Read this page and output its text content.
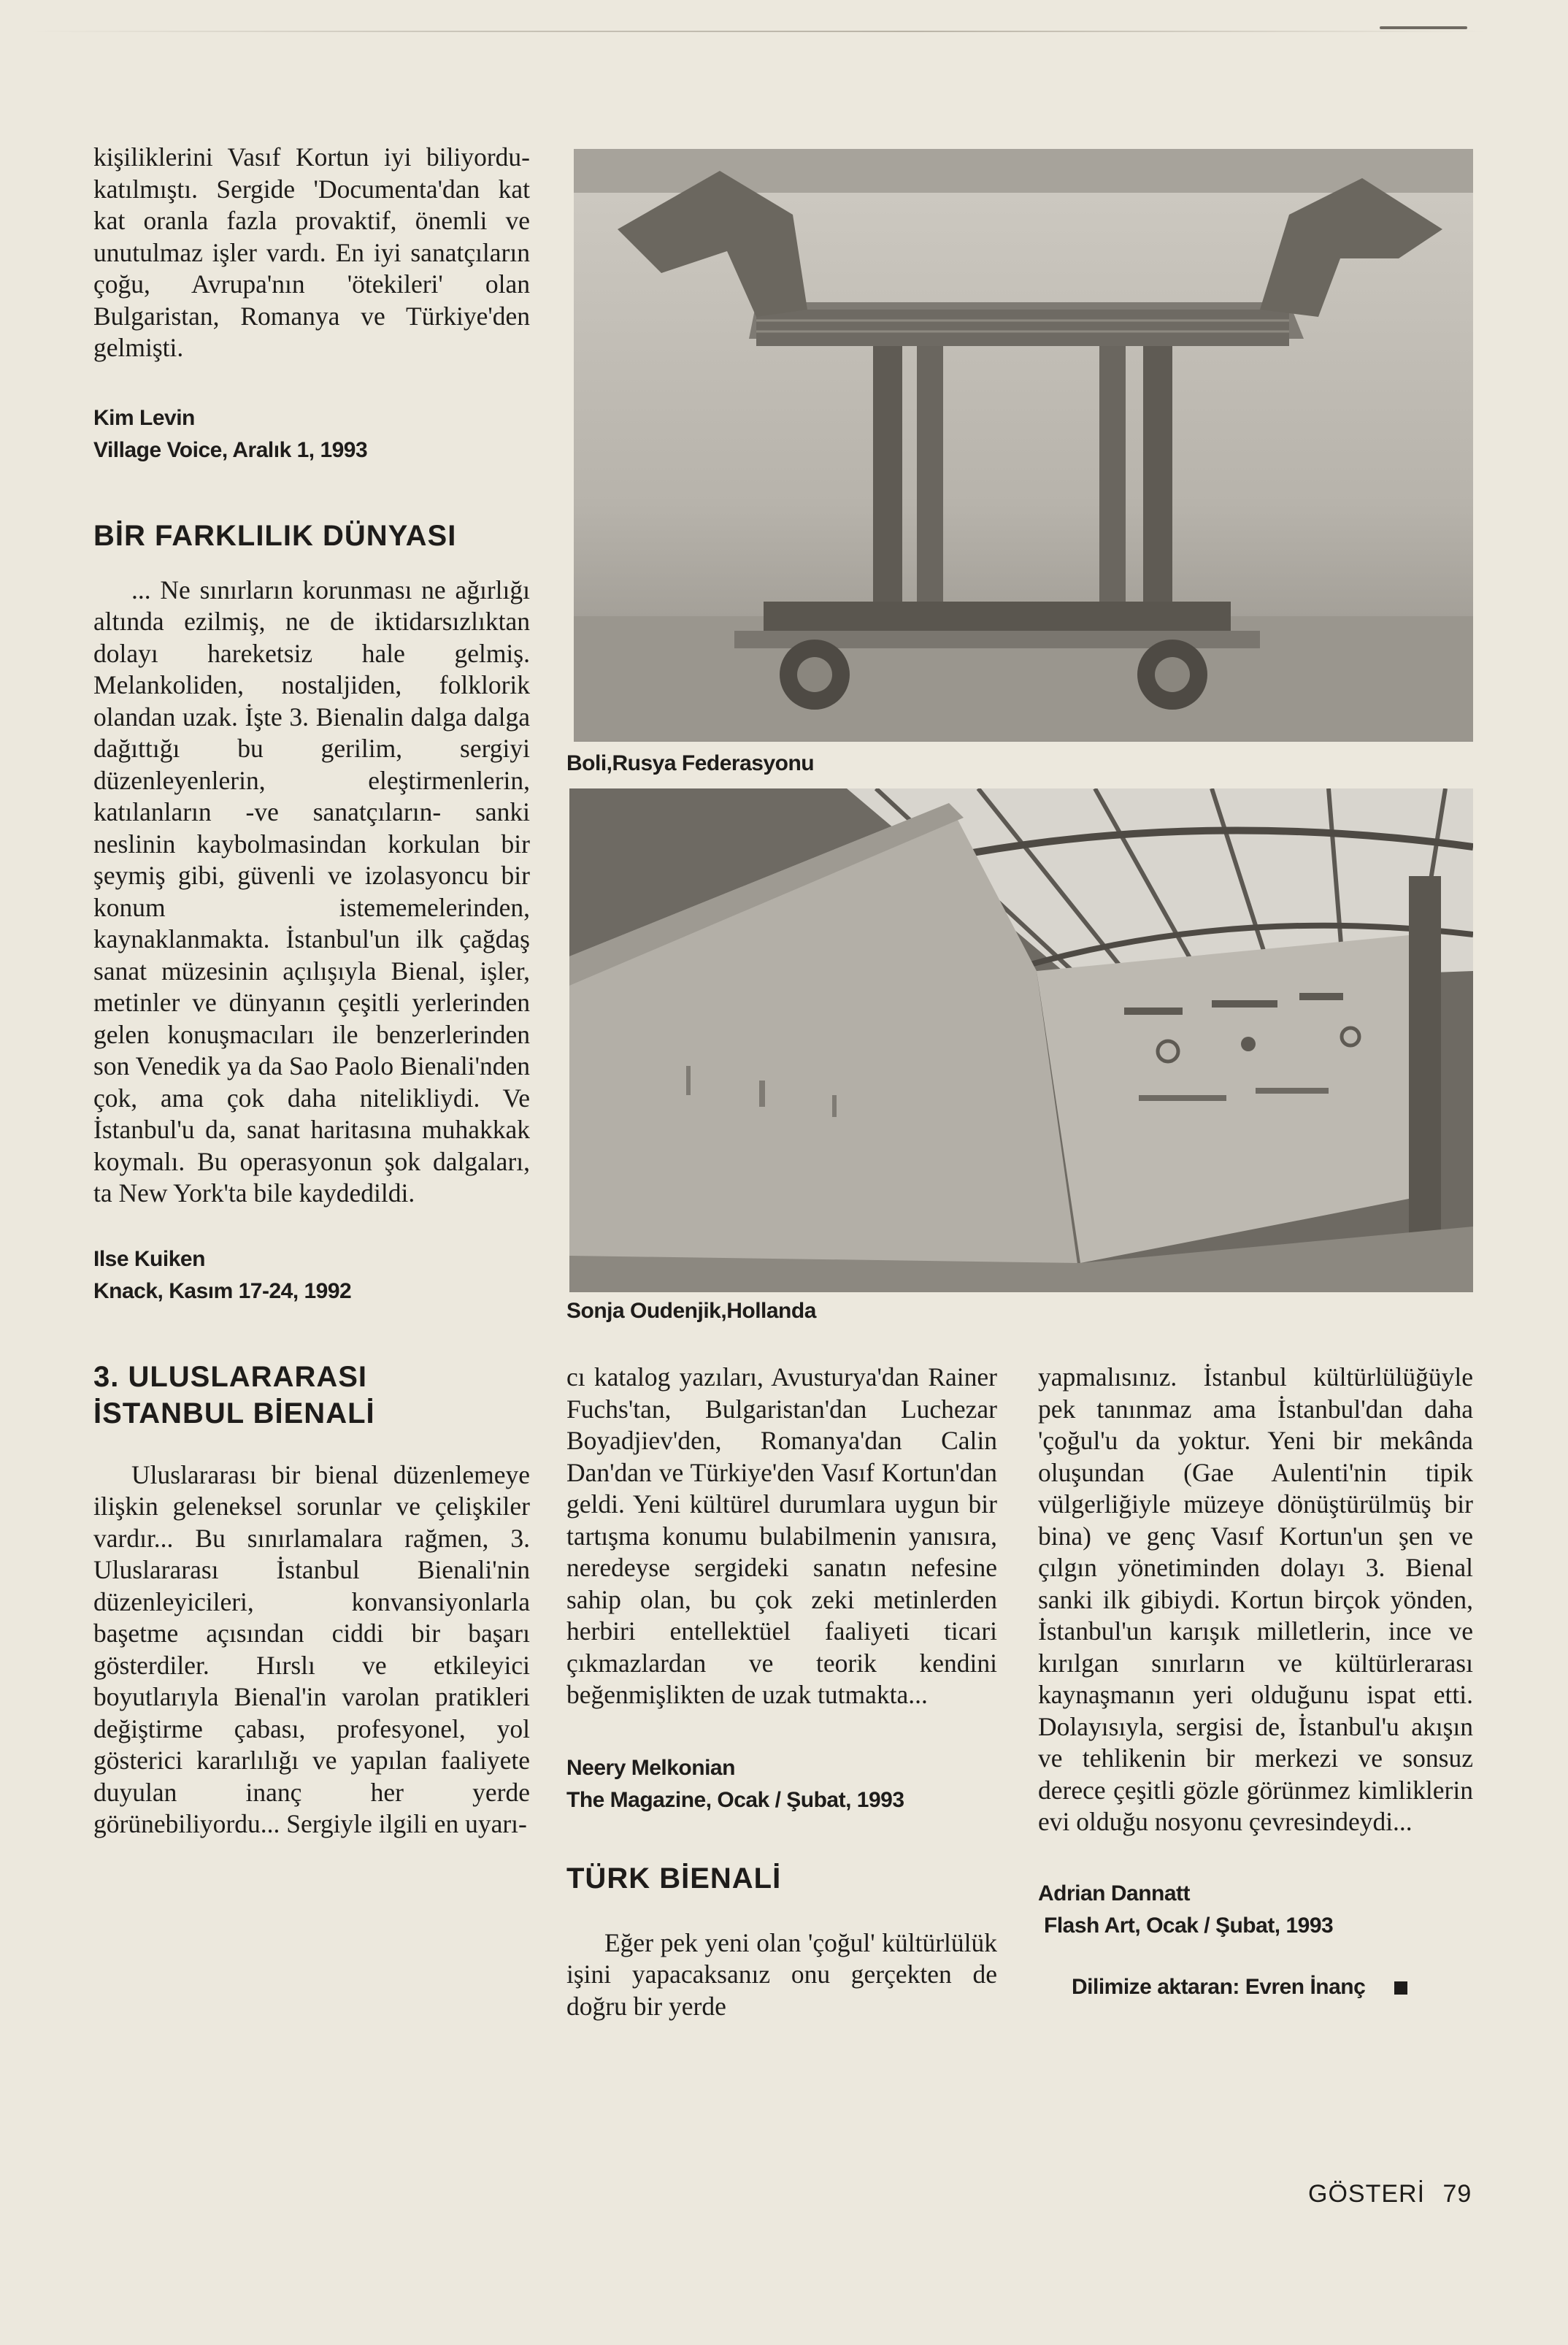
kişiliklerini Vasıf Kortun iyi biliyordu-katılmıştı. Sergide 'Documenta'dan kat kat oranla fazla provaktif, önemli ve unutulmaz işler vardı. En iyi sanatçıların çoğu, Avrupa'nın 'ötekileri' olan Bulgaristan, Romanya ve Türkiye'den gelmişti.

Kim Levin
Village Voice, Aralık 1, 1993
BİR FARKLILIK DÜNYASI

... Ne sınırların korunması ne ağırlığı altında ezilmiş, ne de iktidarsızlıktan dolayı hareketsiz hale gelmiş. Melankoliden, nostaljiden, folklorik olandan uzak. İşte 3. Bienalin dalga dalga dağıttığı bu gerilim, sergiyi düzenleyenlerin, eleştirmenlerin, katılanların -ve sanatçıların- sanki neslinin kaybolmasindan korkulan bir şeymiş gibi, güvenli ve izolasyoncu bir konum istememelerinden, kaynaklanmakta. İstanbul'un ilk çağdaş sanat müzesinin açılışıyla Bienal, işler, metinler ve dünyanın çeşitli yerlerinden gelen konuşmacıları ile benzerlerinden son Venedik ya da Sao Paolo Bienali'nden çok, ama çok daha nitelikliydi. Ve İstanbul'u da, sanat haritasına muhakkak koymalı. Bu operasyonun şok dalgaları, ta New York'ta bile kaydedildi.

Ilse Kuiken
Knack, Kasım 17-24, 1992
3. ULUSLARARASI
İSTANBUL BİENALİ

Uluslararası bir bienal düzenlemeye ilişkin geleneksel sorunlar ve çelişkiler vardır... Bu sınırlamalara rağmen, 3. Uluslararası İstanbul Bienali'nin düzenleyicileri, konvansiyonlarla başetme açısından ciddi bir başarı gösterdiler. Hırslı ve etkileyici boyutlarıyla Bienal'in varolan pratikleri değiştirme çabası, profesyonel, yol gösterici kararlılığı ve yapılan faaliyete duyulan inanç her yerde görünebiliyordu... Sergiyle ilgili en uyarı-

Boli,Rusya Federasyonu
Sonja Oudenjik,Hollanda

cı katalog yazıları, Avusturya'dan Rainer Fuchs'tan, Bulgaristan'dan Luchezar Boyadjiev'den, Romanya'dan Calin Dan'dan ve Türkiye'den Vasıf Kortun'dan geldi. Yeni kültürel durumlara uygun bir tartışma konumu bulabilmenin yanısıra, neredeyse sergideki sanatın nefesine sahip olan, bu çok zeki metinlerden herbiri entellektüel faaliyeti ticari çıkmazlardan ve teorik kendini beğenmişlikten de uzak tutmakta...

Neery Melkonian
The Magazine, Ocak / Şubat, 1993
TÜRK BİENALİ

Eğer pek yeni olan 'çoğul' kültürlülük işini yapacaksanız onu gerçekten de doğru bir yerde

yapmalısınız. İstanbul kültürlülüğüyle pek tanınmaz ama İstanbul'dan daha 'çoğul'u da yoktur. Yeni bir mekânda oluşundan (Gae Aulenti'nin tipik vülgerliğiyle müzeye dönüştürülmüş bir bina) ve genç Vasıf Kortun'un şen ve çılgın yönetiminden dolayı 3. Bienal sanki ilk gibiydi. Kortun birçok yönden, İstanbul'un karışık milletlerin, ince ve kırılgan sınırların ve kültürlerarası kaynaşmanın yeri olduğunu ispat etti. Dolayısıyla, sergisi de, İstanbul'u akışın ve tehlikenin bir merkezi ve sonsuz derece çeşitli gözle görünmez kimliklerin evi olduğu nosyonu çevresindeydi...

Adrian Dannatt
Flash Art, Ocak / Şubat, 1993
Dilimize aktaran: Evren İnanç
GÖSTERİ 79
